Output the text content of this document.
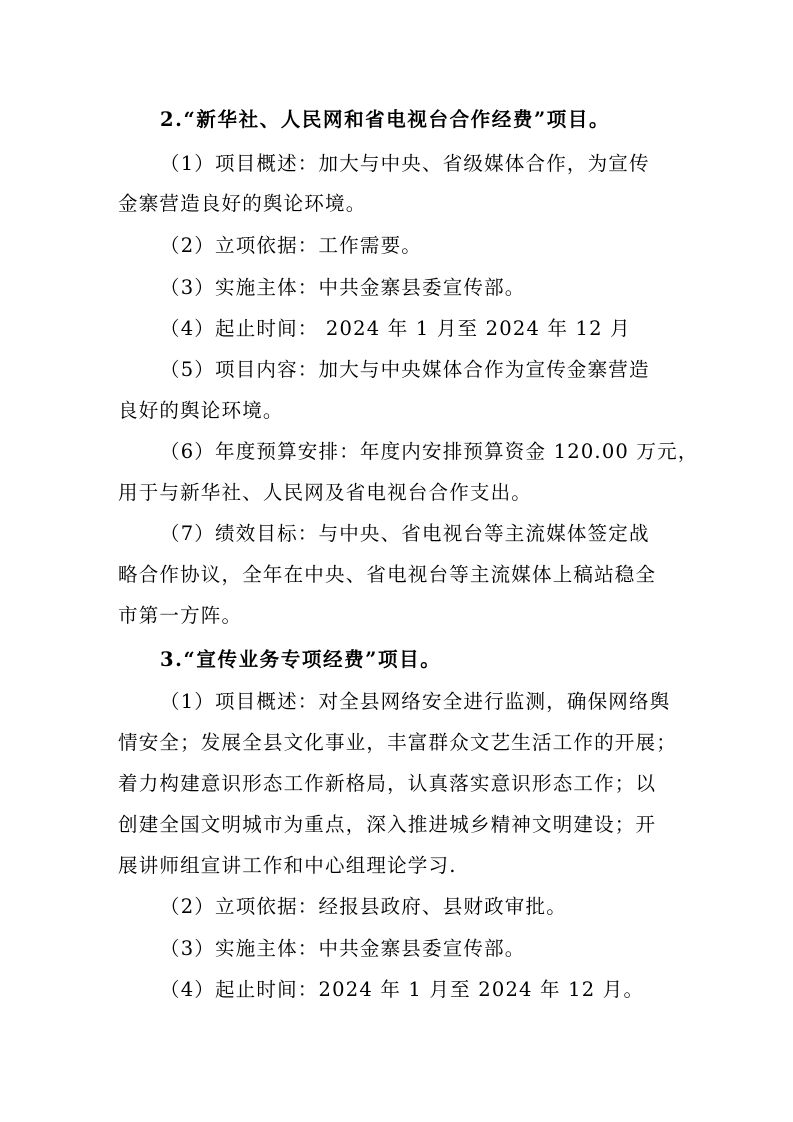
2.“新华社、人民网和省电视台合作经费”项目。
（1）项目概述：加大与中央、省级媒体合作，为宣传
金寨营造良好的舆论环境。
（2）立项依据：工作需要。
（3）实施主体：中共金寨县委宣传部。
（4）起止时间： 2024 年 1 月至 2024 年 12 月
（5）项目内容：加大与中央媒体合作为宣传金寨营造
良好的舆论环境。
（6）年度预算安排：年度内安排预算资金 120.00 万元，
用于与新华社、人民网及省电视台合作支出。
（7）绩效目标：与中央、省电视台等主流媒体签定战
略合作协议，全年在中央、省电视台等主流媒体上稿站稳全
市第一方阵。
3.“宣传业务专项经费”项目。
（1）项目概述：对全县网络安全进行监测，确保网络舆
情安全；发展全县文化事业，丰富群众文艺生活工作的开展；
着力构建意识形态工作新格局，认真落实意识形态工作；以
创建全国文明城市为重点，深入推进城乡精神文明建设；开
展讲师组宣讲工作和中心组理论学习.
（2）立项依据：经报县政府、县财政审批。
（3）实施主体：中共金寨县委宣传部。
（4）起止时间：2024 年 1 月至 2024 年 12 月。
